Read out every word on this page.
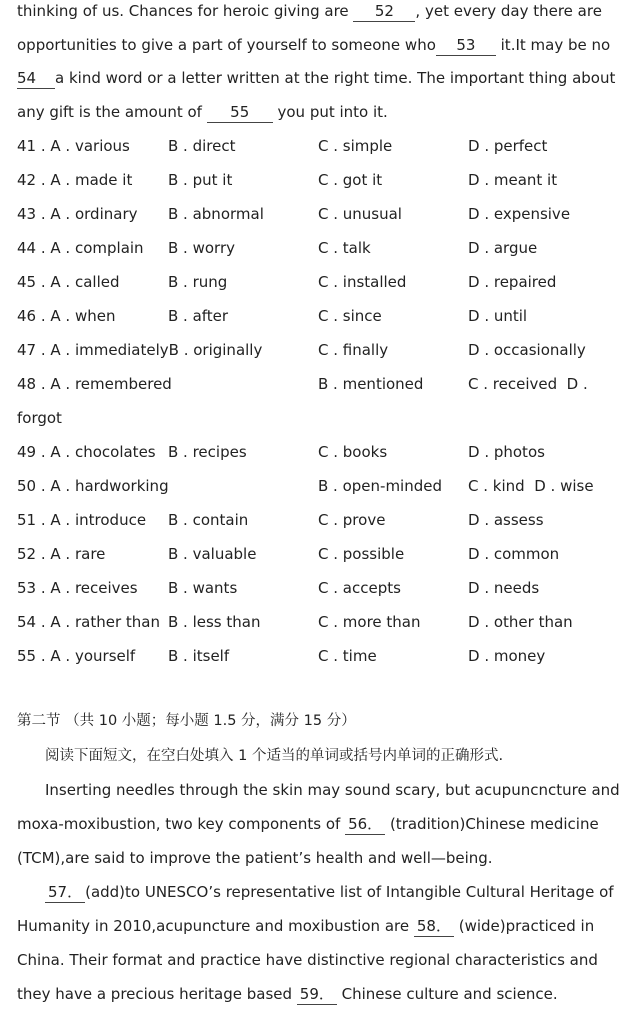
thinking of us. Chances for heroic giving are 52 , yet every day there are
opportunities to give a part of yourself to someone who 53 it.It may be no
54 a kind word or a letter written at the right time. The important thing about
any gift is the amount of 55 you put into it.
41 . A . various	B . direct	C . simple	D . perfect
42 . A . made it B . put it	C . got it	D . meant it
43 . A . ordinary B . abnormal	C . unusual	D . expensive
44 . A . complain B . worry	C . talk	D . argue
45 . A . called	B . rung	C . installed	D . repaired
46 . A . when	B . after	C . since	D . until
47 . A . immediatelyB . originally	C . finally	D . occasionally
48 . A . remembered	B . mentioned	C . received D .
forgot
49 . A . chocolates B . recipes	C . books	D . photos
50 . A . hardworking	B . open-minded C . kind D . wise
51 . A . introduce B . contain	C . prove	D . assess
52 . A . rare	B . valuable	C . possible	D . common
53 . A . receives B . wants	C . accepts	D . needs
54 . A . rather than B . less than	C . more than	D . other than
55 . A . yourself B . itself	C . time	D . money
第二节 （共 10 小题；每小题 1.5 分，满分 15 分）
阅读下面短文，在空白处填入 1 个适当的单词或括号内单词的正确形式.
Inserting needles through the skin may sound scary, but acupuncncture and
moxa-moxibustion, two key components of 56． (tradition)Chinese medicine
(TCM),are said to improve the patient’s health and well—being.
57． (add)to UNESCO’s representative list of Intangible Cultural Heritage of
Humanity in 2010,acupuncture and moxibustion are 58． (wide)practiced in
China. Their format and practice have distinctive regional characteristics and
they have a precious heritage based 59． Chinese culture and science.
